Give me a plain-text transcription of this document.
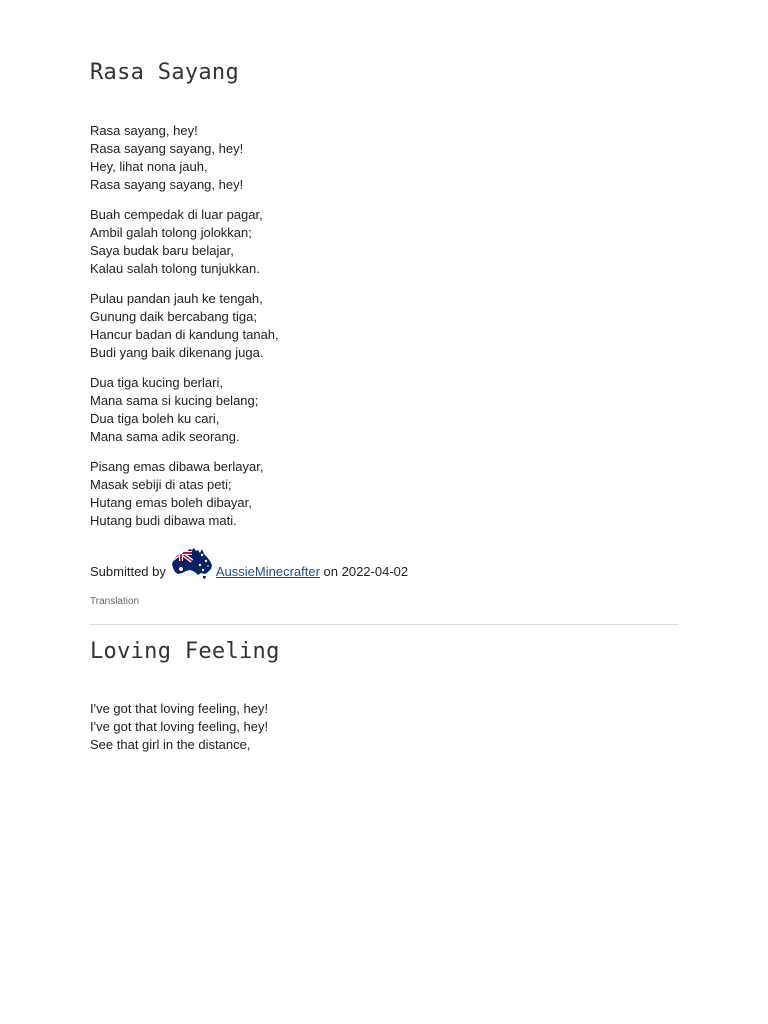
Rasa Sayang
Rasa sayang, hey!
Rasa sayang sayang, hey!
Hey, lihat nona jauh,
Rasa sayang sayang, hey!
Buah cempedak di luar pagar,
Ambil galah tolong jolokkan;
Saya budak baru belajar,
Kalau salah tolong tunjukkan.
Pulau pandan jauh ke tengah,
Gunung daik bercabang tiga;
Hancur badan di kandung tanah,
Budi yang baik dikenang juga.
Dua tiga kucing berlari,
Mana sama si kucing belang;
Dua tiga boleh ku cari,
Mana sama adik seorang.
Pisang emas dibawa berlayar,
Masak sebiji di atas peti;
Hutang emas boleh dibayar,
Hutang budi dibawa mati.
Submitted by	AussieMinecrafter on 2022-04-02
Translation
Loving Feeling
I've got that loving feeling, hey!
I've got that loving feeling, hey!
See that girl in the distance,
